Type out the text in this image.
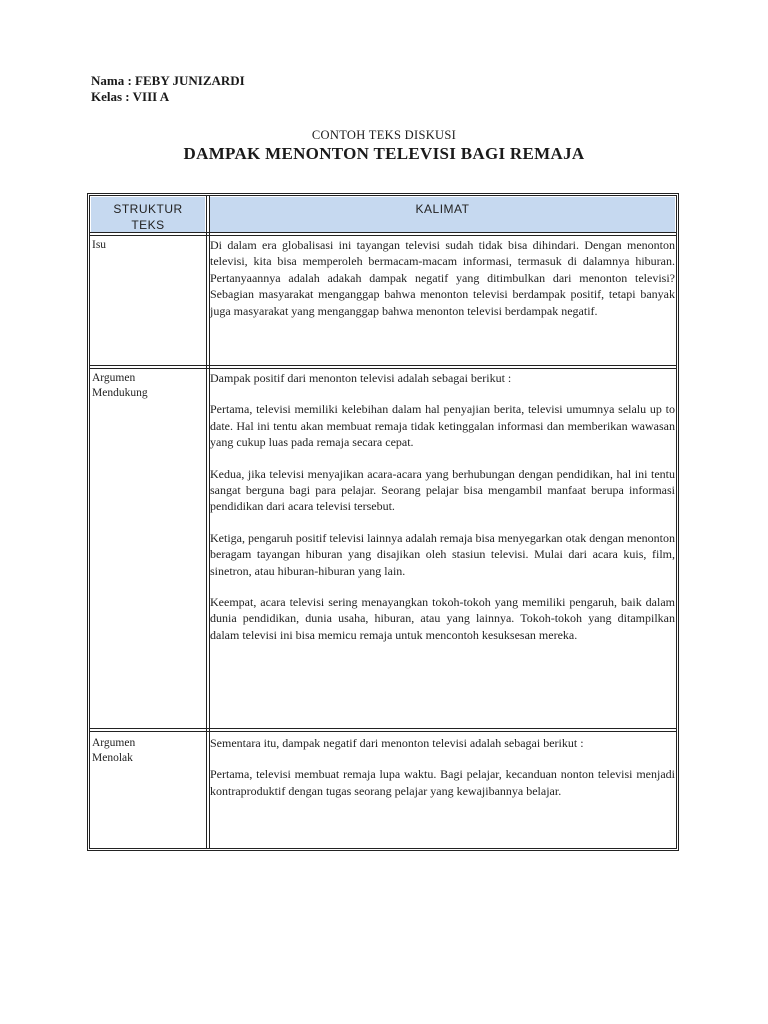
Nama : FEBY JUNIZARDI
Kelas : VIII A
CONTOH TEKS DISKUSI
DAMPAK MENONTON TELEVISI BAGI REMAJA
STRUKTUR
TEKS
KALIMAT
Isu	Di dalam era globalisasi ini tayangan televisi sudah tidak bisa dihindari. Dengan menonton televisi, kita bisa memperoleh bermacam-macam informasi, termasuk di dalamnya hiburan. Pertanyaannya adalah adakah dampak negatif yang ditimbulkan dari menonton televisi? Sebagian masyarakat menganggap bahwa menonton televisi berdampak positif, tetapi banyak juga masyarakat yang menganggap bahwa menonton televisi berdampak negatif.

Argumen Mendukung

Dampak positif dari menonton televisi adalah sebagai berikut :

Pertama, televisi memiliki kelebihan dalam hal penyajian berita, televisi umumnya selalu up to date. Hal ini tentu akan membuat remaja tidak ketinggalan informasi dan memberikan wawasan yang cukup luas pada remaja secara cepat.

Kedua, jika televisi menyajikan acara-acara yang berhubungan dengan pendidikan, hal ini tentu sangat berguna bagi para pelajar. Seorang pelajar bisa mengambil manfaat berupa informasi pendidikan dari acara televisi tersebut.

Ketiga, pengaruh positif televisi lainnya adalah remaja bisa menyegarkan otak dengan menonton beragam tayangan hiburan yang disajikan oleh stasiun televisi. Mulai dari acara kuis, film, sinetron, atau hiburan-hiburan yang lain.

Keempat, acara televisi sering menayangkan tokoh-tokoh yang memiliki pengaruh, baik dalam dunia pendidikan, dunia usaha, hiburan, atau yang lainnya. Tokoh-tokoh yang ditampilkan dalam televisi ini bisa memicu remaja untuk mencontoh kesuksesan mereka.

Argumen Menolak

Sementara itu, dampak negatif dari menonton televisi adalah sebagai berikut :

Pertama, televisi membuat remaja lupa waktu. Bagi pelajar, kecanduan nonton televisi menjadi kontraproduktif dengan tugas seorang pelajar yang kewajibannya belajar.
